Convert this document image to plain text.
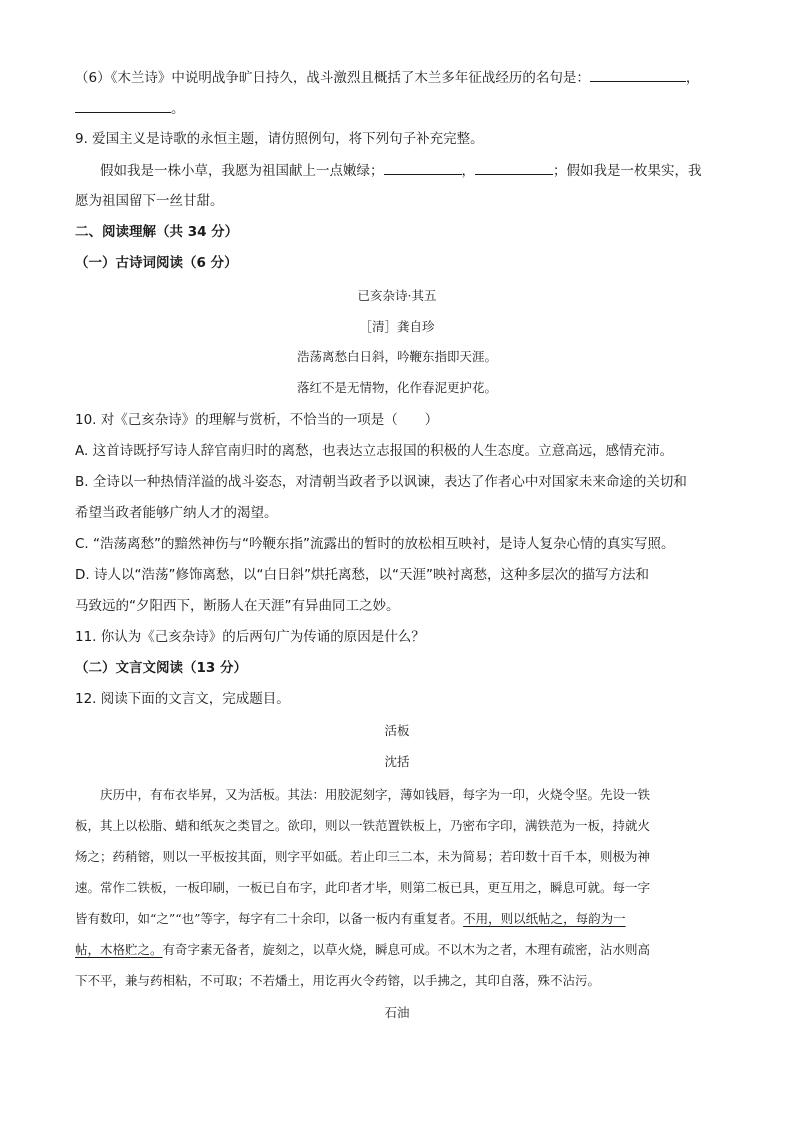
（6）《木兰诗》中说明战争旷日持久，战斗激烈且概括了木兰多年征战经历的名句是：	，
。
9. 爱国主义是诗歌的永恒主题，请仿照例句，将下列句子补充完整。
假如我是一株小草，我愿为祖国献上一点嫩绿；	，	；假如我是一枚果实，我
愿为祖国留下一丝甘甜。
二、阅读理解（共 34 分）
（一）古诗词阅读（6 分）
已亥杂诗·其五
［清］龚自珍
浩荡离愁白日斜，吟鞭东指即天涯。
落红不是无情物，化作春泥更护花。
10. 对《己亥杂诗》的理解与赏析，不恰当的一项是（　　）
A. 这首诗既抒写诗人辞官南归时的离愁，也表达立志报国的积极的人生态度。立意高远，感情充沛。
B. 全诗以一种热情洋溢的战斗姿态，对清朝当政者予以讽谏，表达了作者心中对国家未来命途的关切和
希望当政者能够广纳人才的渴望。
C. “浩荡离愁”的黯然神伤与“吟鞭东指”流露出的暂时的放松相互映衬，是诗人复杂心情的真实写照。
D. 诗人以“浩荡”修饰离愁，以“白日斜”烘托离愁，以“天涯”映衬离愁，这种多层次的描写方法和
马致远的“夕阳西下，断肠人在天涯”有异曲同工之妙。
11. 你认为《己亥杂诗》的后两句广为传诵的原因是什么？
（二）文言文阅读（13 分）
12. 阅读下面的文言文，完成题目。
活板
沈括
庆历中，有布衣毕昇，又为活板。其法：用胶泥刻字，薄如钱唇，每字为一印，火烧令坚。先设一铁
板，其上以松脂、蜡和纸灰之类冒之。欲印，则以一铁范置铁板上，乃密布字印，满铁范为一板，持就火
炀之；药稍镕，则以一平板按其面，则字平如砥。若止印三二本，未为简易；若印数十百千本，则极为神
速。常作二铁板，一板印刷，一板已自布字，此印者才毕，则第二板已具，更互用之，瞬息可就。每一字
皆有数印，如“之”“也”等字，每字有二十余印，以备一板内有重复者。不用，则以纸帖之，每韵为一
帖，木格贮之。有奇字素无备者，旋刻之，以草火烧，瞬息可成。不以木为之者，木理有疏密，沾水则高
下不平，兼与药相粘，不可取；不若燔土，用讫再火令药镕，以手拂之，其印自落，殊不沾污。
石油
